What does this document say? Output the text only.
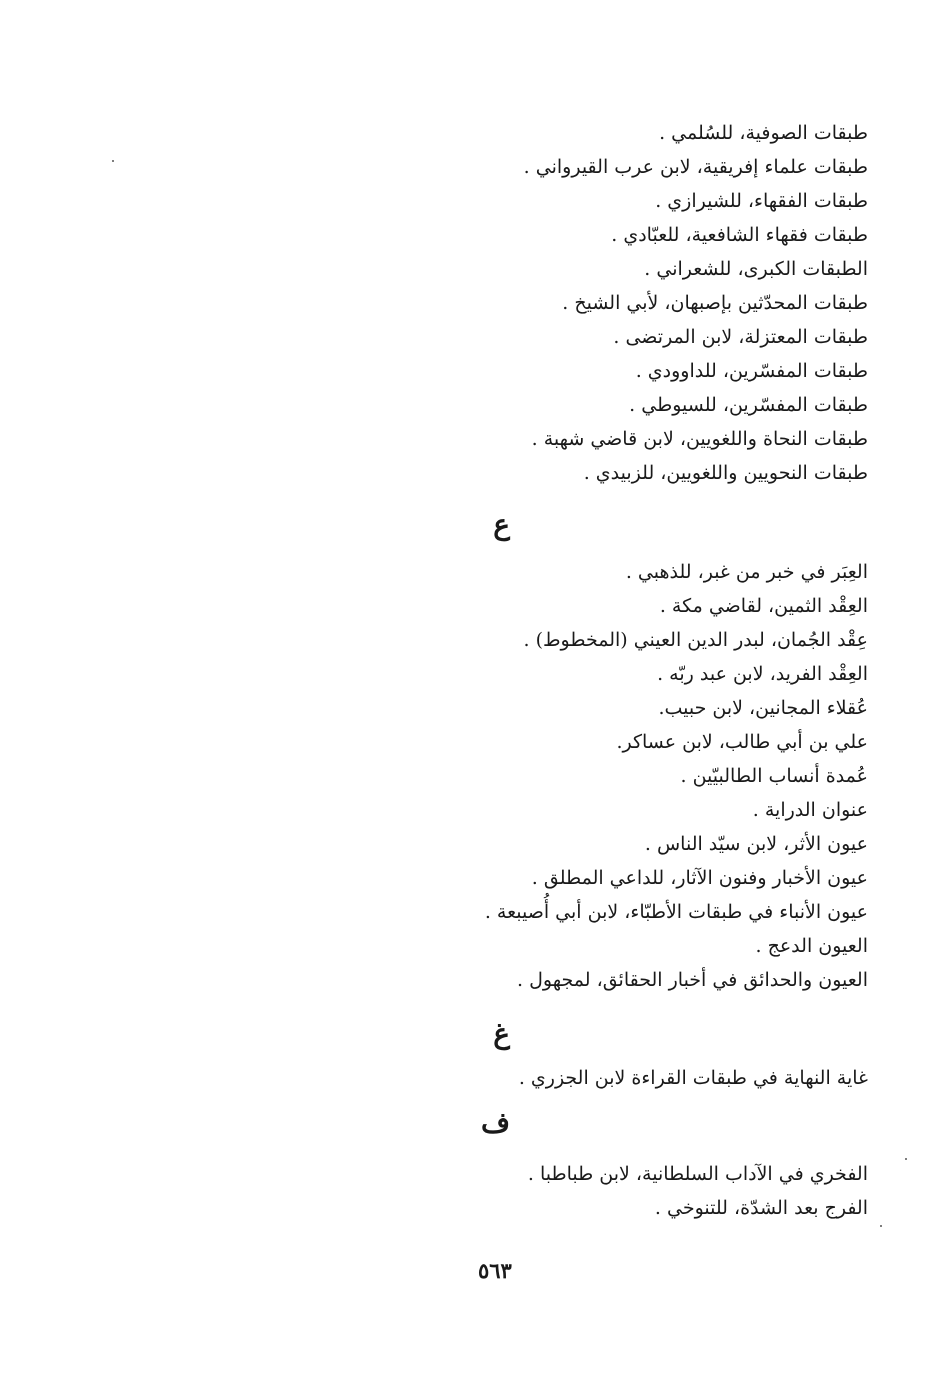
طبقات الصوفية، للسُلمي .
طبقات علماء إفريقية، لابن عرب القيرواني .
طبقات الفقهاء، للشيرازي .
طبقات فقهاء الشافعية، للعبّادي .
الطبقات الكبرى، للشعراني .
طبقات المحدّثين بإصبهان، لأبي الشيخ .
طبقات المعتزلة، لابن المرتضى .
طبقات المفسّرين، للداوودي .
طبقات المفسّرين، للسيوطي .
طبقات النحاة واللغويين، لابن قاضي شهبة .
طبقات النحويين واللغويين، للزبيدي .
ع
العِبَر في خبر من غبر، للذهبي .
العِقْد الثمين، لقاضي مكة .
عِقْد الجُمان، لبدر الدين العيني (المخطوط) .
العِقْد الفريد، لابن عبد ربّه .
عُقلاء المجانين، لابن حبيب.
علي بن أبي طالب، لابن عساكر.
عُمدة أنساب الطالبيّين .
عنوان الدراية .
عيون الأثر، لابن سيّد الناس .
عيون الأخبار وفنون الآثار، للداعي المطلق .
عيون الأنباء في طبقات الأطبّاء، لابن أبي أُصيبعة .
العيون الدعج .
العيون والحدائق في أخبار الحقائق، لمجهول .
غ
غاية النهاية في طبقات القراءة لابن الجزري .
ف
الفخري في الآداب السلطانية، لابن طباطبا .
الفرج بعد الشدّة، للتنوخي .
٥٦٣
